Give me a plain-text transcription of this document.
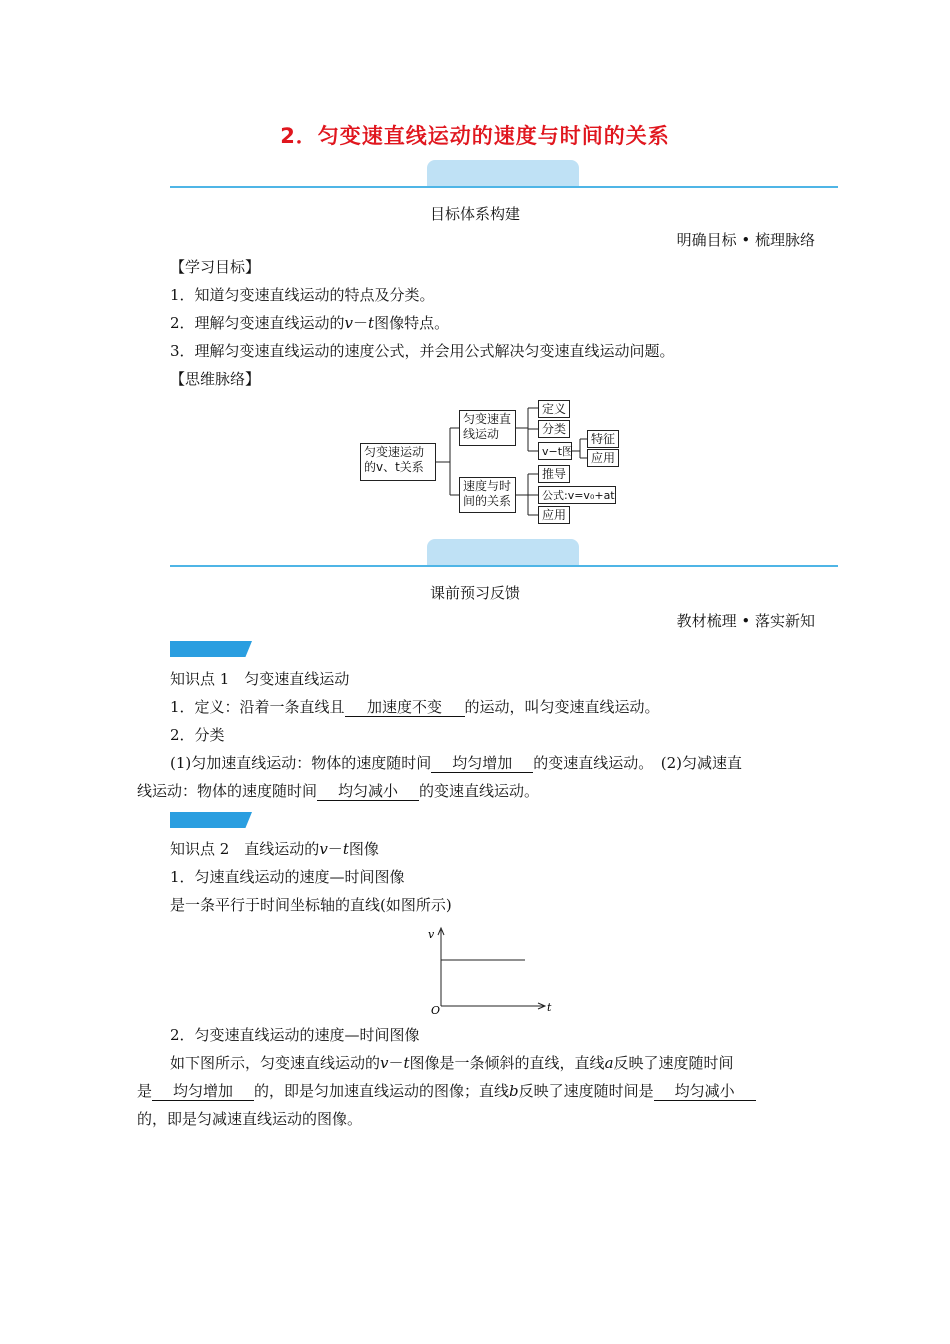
2．匀变速直线运动的速度与时间的关系
目标体系构建
明确目标 • 梳理脉络
【学习目标】
1．知道匀变速直线运动的特点及分类。
2．理解匀变速直线运动的v－t图像特点。
3．理解匀变速直线运动的速度公式，并会用公式解决匀变速直线运动问题。
【思维脉络】
匀变速运动
的v、t关系
匀变速直
线运动
速度与时
间的关系
定义
分类
v−t图
特征
应用
推导
公式:v=v₀+at
应用
课前预习反馈
教材梳理 • 落实新知
知识点 1　匀变速直线运动
1．定义：沿着一条直线且 加速度不变 的运动，叫匀变速直线运动。
2．分类
(1)匀加速直线运动：物体的速度随时间 均匀增加 的变速直线运动。　(2)匀减速直
线运动：物体的速度随时间 均匀减小 的变速直线运动。
知识点 2　直线运动的v－t图像
1．匀速直线运动的速度—时间图像
是一条平行于时间坐标轴的直线(如图所示)
v
t
O
2．匀变速直线运动的速度—时间图像
如下图所示，匀变速直线运动的v－t图像是一条倾斜的直线，直线a反映了速度随时间
是 均匀增加 的，即是匀加速直线运动的图像；直线b反映了速度随时间是 均匀减小
的，即是匀减速直线运动的图像。
